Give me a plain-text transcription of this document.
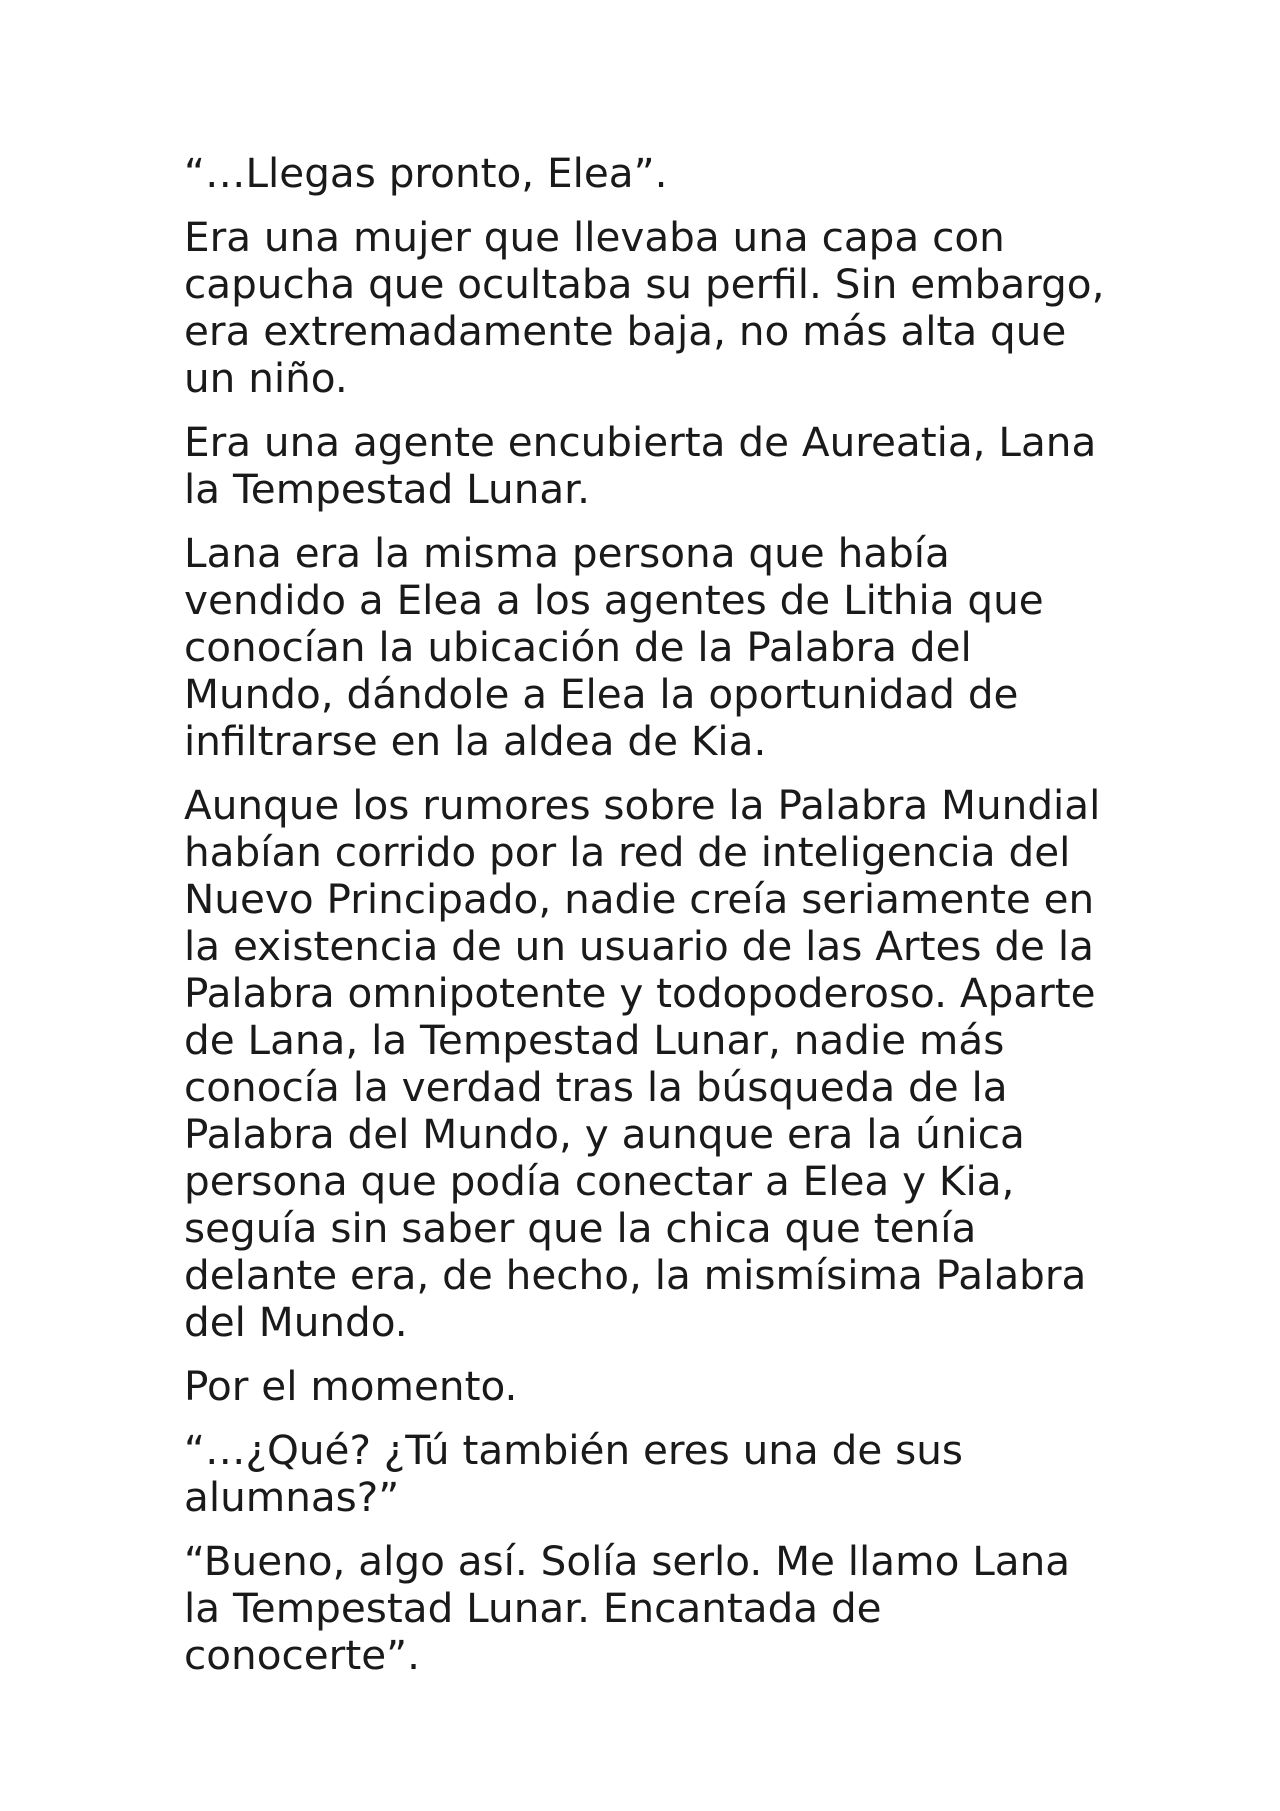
“…Llegas pronto, Elea”.

Era una mujer que llevaba una capa con capucha que ocultaba su perfil. Sin embargo, era extremadamente baja, no más alta que un niño.

Era una agente encubierta de Aureatia, Lana la Tempestad Lunar.

Lana era la misma persona que había vendido a Elea a los agentes de Lithia que conocían la ubicación de la Palabra del Mundo, dándole a Elea la oportunidad de infiltrarse en la aldea de Kia.

Aunque los rumores sobre la Palabra Mundial habían corrido por la red de inteligencia del Nuevo Principado, nadie creía seriamente en la existencia de un usuario de las Artes de la Palabra omnipotente y todopoderoso. Aparte de Lana, la Tempestad Lunar, nadie más conocía la verdad tras la búsqueda de la Palabra del Mundo, y aunque era la única persona que podía conectar a Elea y Kia, seguía sin saber que la chica que tenía delante era, de hecho, la mismísima Palabra del Mundo.

Por el momento.

“…¿Qué? ¿Tú también eres una de sus alumnas?”

“Bueno, algo así. Solía serlo. Me llamo Lana la Tempestad Lunar. Encantada de conocerte”.
